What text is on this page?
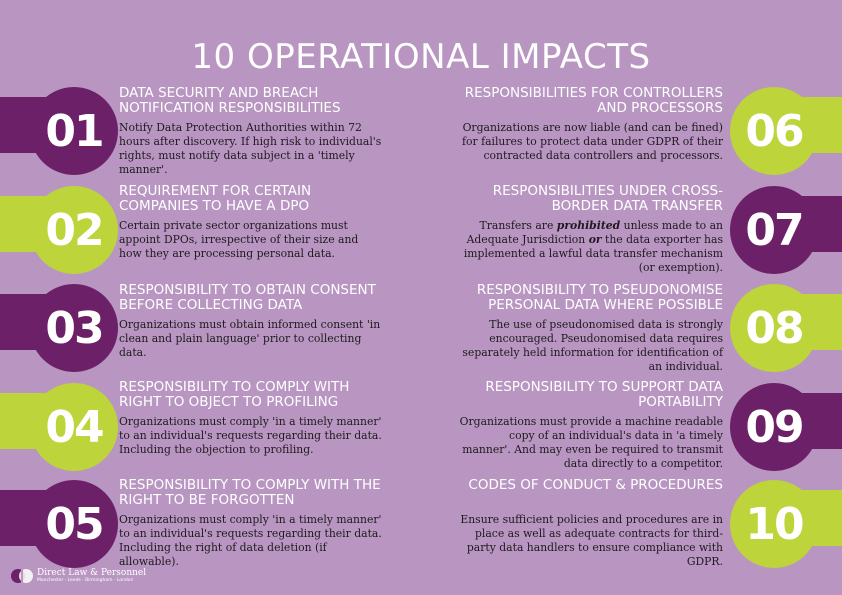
10 OPERATIONAL IMPACTS
01
DATA SECURITY AND BREACH NOTIFICATION RESPONSIBILITIES

Notify Data Protection Authorities within 72 hours after discovery. If high risk to individual's rights, must notify data subject in a 'timely manner'.

02
REQUIREMENT FOR CERTAIN COMPANIES TO HAVE A DPO

Certain private sector organizations must appoint DPOs, irrespective of their size and how they are processing personal data.

03
RESPONSIBILITY TO OBTAIN CONSENT BEFORE COLLECTING DATA

Organizations must obtain informed consent 'in clean and plain language' prior to collecting data.

04
RESPONSIBILITY TO COMPLY WITH RIGHT TO OBJECT TO PROFILING

Organizations must comply 'in a timely manner' to an individual's requests regarding their data. Including the objection to profiling.

05
RESPONSIBILITY TO COMPLY WITH THE RIGHT TO BE FORGOTTEN

Organizations must comply 'in a timely manner' to an individual's requests regarding their data. Including the right of data deletion (if allowable).

06
RESPONSIBILITIES FOR CONTROLLERS AND PROCESSORS

Organizations are now liable (and can be fined) for failures to protect data under GDPR of their contracted data controllers and processors.

07
RESPONSIBILITIES UNDER CROSS-BORDER DATA TRANSFER

Transfers are prohibited unless made to an Adequate Jurisdiction or the data exporter has implemented a lawful data transfer mechanism (or exemption).

08
RESPONSIBILITY TO PSEUDONOMISE PERSONAL DATA WHERE POSSIBLE

The use of pseudonomised data is strongly encouraged. Pseudonomised data requires separately held information for identification of an individual.

09
RESPONSIBILITY TO SUPPORT DATA PORTABILITY

Organizations must provide a machine readable copy of an individual's data in 'a timely manner'. And may even be required to transmit data directly to a competitor.

10
CODES OF CONDUCT & PROCEDURES

Ensure sufficient policies and procedures are in place as well as adequate contracts for third-party data handlers to ensure compliance with GDPR.

Direct Law & Personnel
Manchester · Leeds · Birmingham · London
